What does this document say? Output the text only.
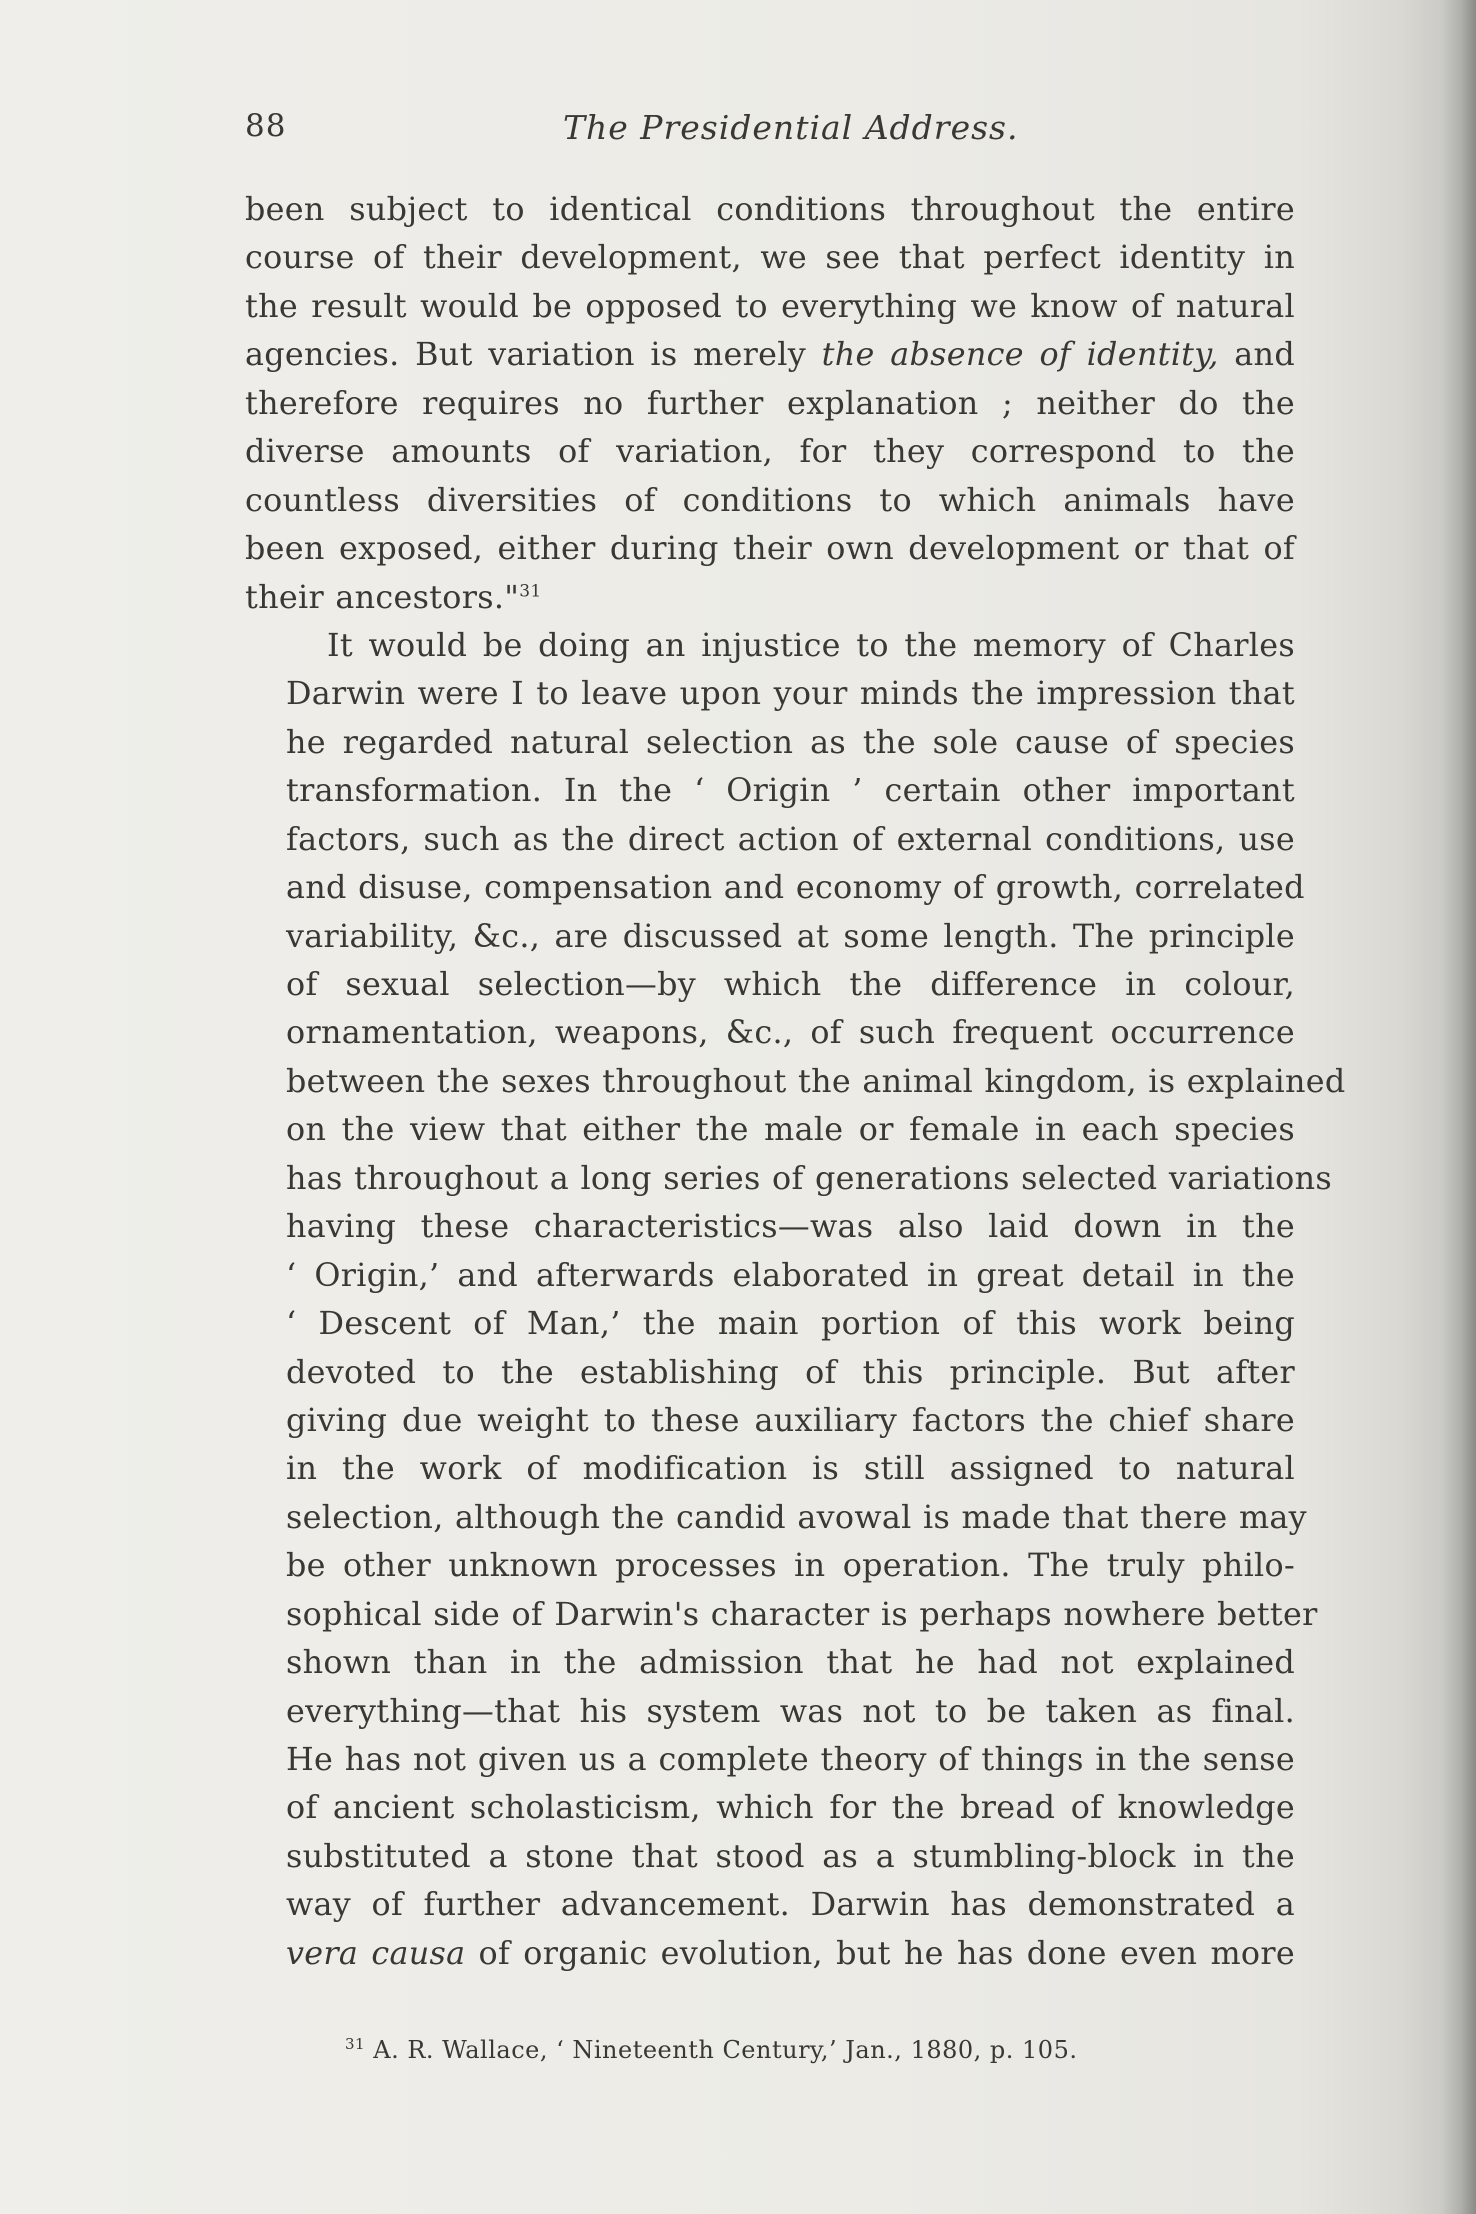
88	The Presidential Address.
been subject to identical conditions throughout the entire
course of their development, we see that perfect identity in
the result would be opposed to everything we know of natural
agencies. But variation is merely the absence of identity, and
therefore requires no further explanation ; neither do the
diverse amounts of variation, for they correspond to the
countless diversities of conditions to which animals have
been exposed, either during their own development or that of
their ancestors."$^{31}$
It would be doing an injustice to the memory of Charles
Darwin were I to leave upon your minds the impression that
he regarded natural selection as the sole cause of species
transformation. In the ‘ Origin ’ certain other important
factors, such as the direct action of external conditions, use
and disuse, compensation and economy of growth, correlated
variability, &c., are discussed at some length. The principle
of sexual selection—by which the difference in colour,
ornamentation, weapons, &c., of such frequent occurrence
between the sexes throughout the animal kingdom, is explained
on the view that either the male or female in each species
has throughout a long series of generations selected variations
having these characteristics—was also laid down in the
‘ Origin,’ and afterwards elaborated in great detail in the
‘ Descent of Man,’ the main portion of this work being
devoted to the establishing of this principle. But after
giving due weight to these auxiliary factors the chief share
in the work of modification is still assigned to natural
selection, although the candid avowal is made that there may
be other unknown processes in operation. The truly philo-
sophical side of Darwin's character is perhaps nowhere better
shown than in the admission that he had not explained
everything—that his system was not to be taken as final.
He has not given us a complete theory of things in the sense
of ancient scholasticism, which for the bread of knowledge
substituted a stone that stood as a stumbling-block in the
way of further advancement. Darwin has demonstrated a
vera causa of organic evolution, but he has done even more
$^{31}$ A. R. Wallace, ‘ Nineteenth Century,’ Jan., 1880, p. 105.
